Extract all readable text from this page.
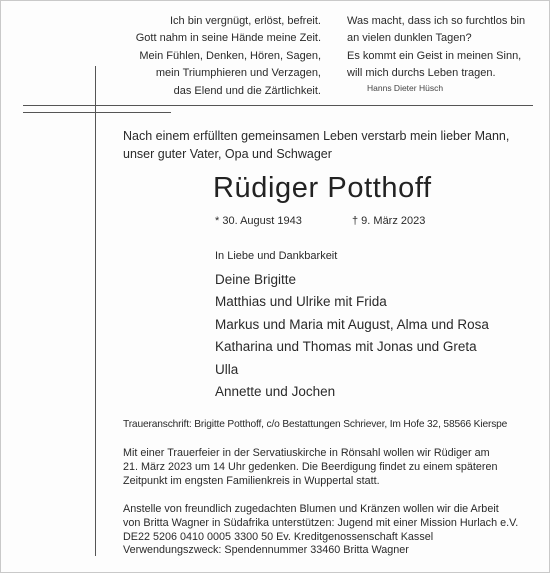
Ich bin vergnügt, erlöst, befreit.
Gott nahm in seine Hände meine Zeit.
Mein Fühlen, Denken, Hören, Sagen,
mein Triumphieren und Verzagen,
das Elend und die Zärtlichkeit.
Was macht, dass ich so furchtlos bin
an vielen dunklen Tagen?
Es kommt ein Geist in meinen Sinn,
will mich durchs Leben tragen.
Hanns Dieter Hüsch
Nach einem erfüllten gemeinsamen Leben verstarb mein lieber Mann,
unser guter Vater, Opa und Schwager
Rüdiger Potthoff
* 30. August 1943	† 9. März 2023
In Liebe und Dankbarkeit
Deine Brigitte
Matthias und Ulrike mit Frida
Markus und Maria mit August, Alma und Rosa
Katharina und Thomas mit Jonas und Greta
Ulla
Annette und Jochen
Traueranschrift: Brigitte Potthoff, c/o Bestattungen Schriever, Im Hofe 32, 58566 Kierspe
Mit einer Trauerfeier in der Servatiuskirche in Rönsahl wollen wir Rüdiger am
21. März 2023 um 14 Uhr gedenken. Die Beerdigung findet zu einem späteren
Zeitpunkt im engsten Familienkreis in Wuppertal statt.
Anstelle von freundlich zugedachten Blumen und Kränzen wollen wir die Arbeit
von Britta Wagner in Südafrika unterstützen: Jugend mit einer Mission Hurlach e.V.
DE22 5206 0410 0005 3300 50 Ev. Kreditgenossenschaft Kassel
Verwendungszweck: Spendennummer 33460 Britta Wagner
